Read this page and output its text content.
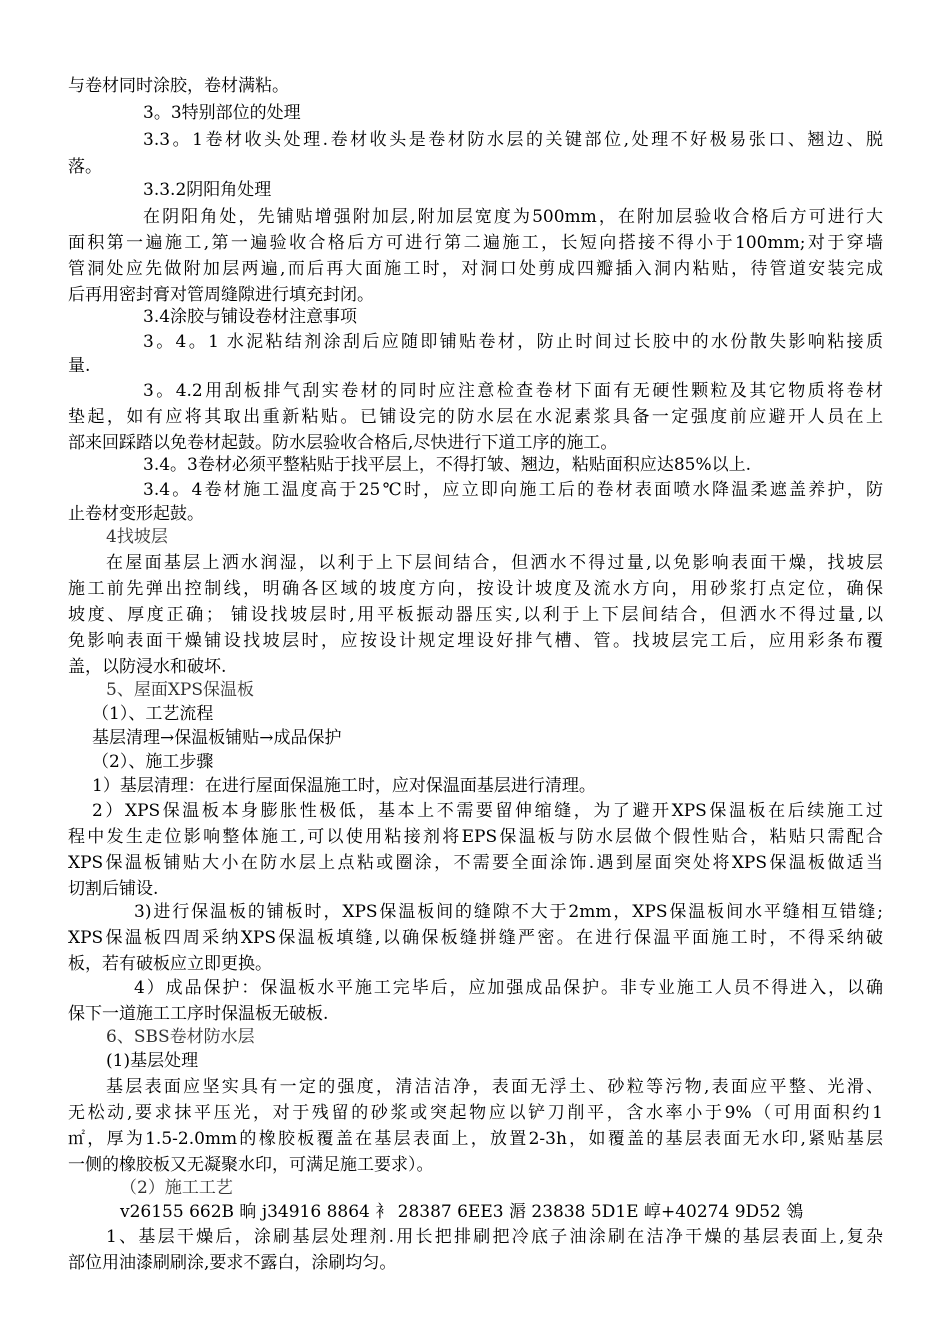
与卷材同时涂胶，卷材满粘。
3。3特别部位的处理
3.3。1卷材收头处理.卷材收头是卷材防水层的关键部位,处理不好极易张口、翘边、脱
落。
3.3.2阴阳角处理
在阴阳角处，先铺贴增强附加层,附加层宽度为500mm，在附加层验收合格后方可进行大
面积第一遍施工,第一遍验收合格后方可进行第二遍施工，长短向搭接不得小于100mm;对于穿墙
管洞处应先做附加层两遍,而后再大面施工时，对洞口处剪成四瓣插入洞内粘贴，待管道安装完成
后再用密封膏对管周缝隙进行填充封闭。
3.4涂胶与铺设卷材注意事项
3。4。1 水泥粘结剂涂刮后应随即铺贴卷材，防止时间过长胶中的水份散失影响粘接质
量.
3。4.2用刮板排气刮实卷材的同时应注意检查卷材下面有无硬性颗粒及其它物质将卷材
垫起，如有应将其取出重新粘贴。已铺设完的防水层在水泥素浆具备一定强度前应避开人员在上
部来回踩踏以免卷材起鼓。防水层验收合格后,尽快进行下道工序的施工。
3.4。3卷材必须平整粘贴于找平层上，不得打皱、翘边，粘贴面积应达85%以上.
3.4。4卷材施工温度高于25℃时，应立即向施工后的卷材表面喷水降温柔遮盖养护，防
止卷材变形起鼓。
4找坡层
在屋面基层上洒水润湿，以利于上下层间结合，但洒水不得过量,以免影响表面干燥，找坡层
施工前先弹出控制线，明确各区域的坡度方向，按设计坡度及流水方向，用砂浆打点定位，确保
坡度、厚度正确； 铺设找坡层时,用平板振动器压实,以利于上下层间结合，但洒水不得过量,以
免影响表面干燥铺设找坡层时，应按设计规定埋设好排气槽、管。找坡层完工后，应用彩条布覆
盖，以防浸水和破坏.
5、屋面XPS保温板
（1）、工艺流程
基层清理→保温板铺贴→成品保护
（2）、施工步骤
1）基层清理：在进行屋面保温施工时，应对保温面基层进行清理。
2）XPS保温板本身膨胀性极低，基本上不需要留伸缩缝，为了避开XPS保温板在后续施工过
程中发生走位影响整体施工,可以使用粘接剂将EPS保温板与防水层做个假性贴合，粘贴只需配合
XPS保温板铺贴大小在防水层上点粘或圈涂，不需要全面涂饰.遇到屋面突处将XPS保温板做适当
切割后铺设.
3)进行保温板的铺板时，XPS保温板间的缝隙不大于2mm，XPS保温板间水平缝相互错缝;
XPS保温板四周采纳XPS保温板填缝,以确保板缝拼缝严密。在进行保温平面施工时，不得采纳破
板，若有破板应立即更换。
4）成品保护：保温板水平施工完毕后，应加强成品保护。非专业施工人员不得进入，以确
保下一道施工工序时保温板无破板.
6、SBS卷材防水层
(1)基层处理
基层表面应坚实具有一定的强度，清洁洁净，表面无浮土、砂粒等污物,表面应平整、光滑、
无松动,要求抹平压光，对于残留的砂浆或突起物应以铲刀削平，含水率小于9%（可用面积约1
㎡，厚为1.5-2.0mm的橡胶板覆盖在基层表面上，放置2-3h，如覆盖的基层表面无水印,紧贴基层
一侧的橡胶板又无凝聚水印，可满足施工要求）。
（2）施工工艺
v26155 662B 晌 j34916 8864 衤 28387 6EE3 滣 23838 5D1E 崞+40274 9D52 鴒
1、基层干燥后，涂刷基层处理剂.用长把排刷把冷底子油涂刷在洁净干燥的基层表面上,复杂
部位用油漆刷刷涂,要求不露白，涂刷均匀。
